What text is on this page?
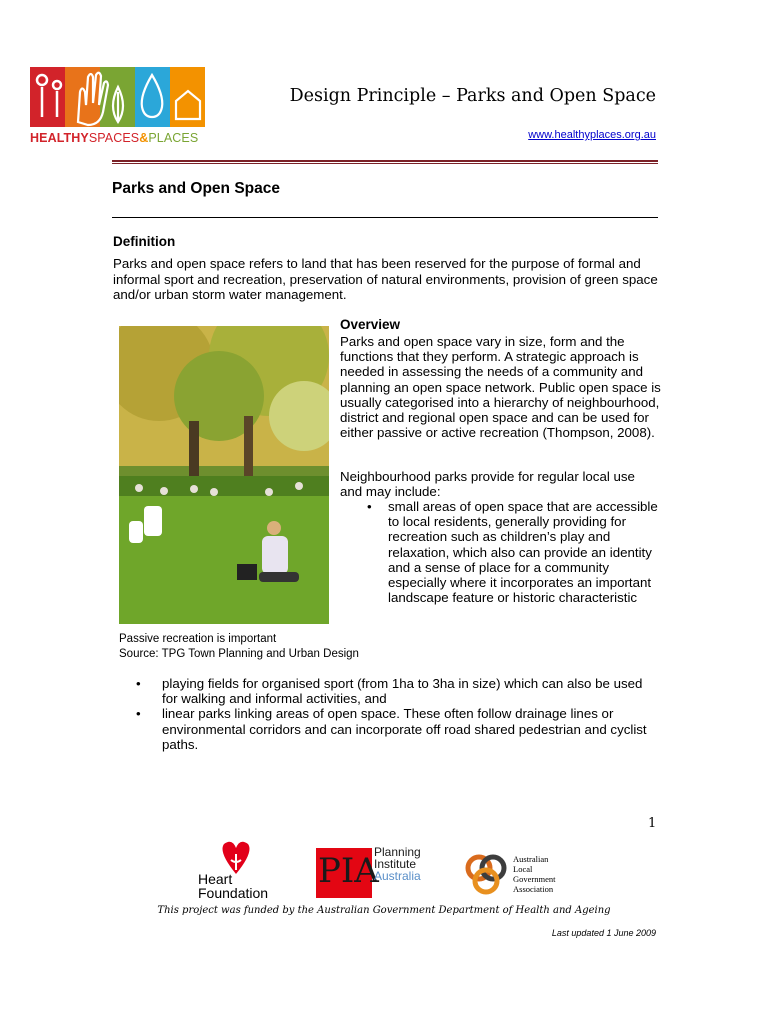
HEALTHYSPACES&PLACES
Design Principle – Parks and Open Space
www.healthyplaces.org.au
Parks and Open Space
Definition
Parks and open space refers to land that has been reserved for the purpose of formal and informal sport and recreation, preservation of natural environments, provision of green space and/or urban storm water management.
Overview
Parks and open space vary in size, form and the functions that they perform. A strategic approach is needed in assessing the needs of a community and planning an open space network. Public open space is usually categorised into a hierarchy of neighbourhood, district and regional open space and can be used for either passive or active recreation (Thompson, 2008).
Neighbourhood parks provide for regular local use and may include:
• small areas of open space that are accessible to local residents, generally providing for recreation such as children’s play and relaxation, which also can provide an identity and a sense of place for a community especially where it incorporates an important landscape feature or historic characteristic
Passive recreation is important
Source: TPG Town Planning and Urban Design
• playing fields for organised sport (from 1ha to 3ha in size) which can also be used for walking and informal activities, and
• linear parks linking areas of open space. These often follow drainage lines or environmental corridors and can incorporate off road shared pedestrian and cyclist paths.
1
Heart
Foundation
PIA
Planning
Institute
Australia
Australian
Local
Government
Association
This project was funded by the Australian Government Department of Health and Ageing
Last updated 1 June 2009
